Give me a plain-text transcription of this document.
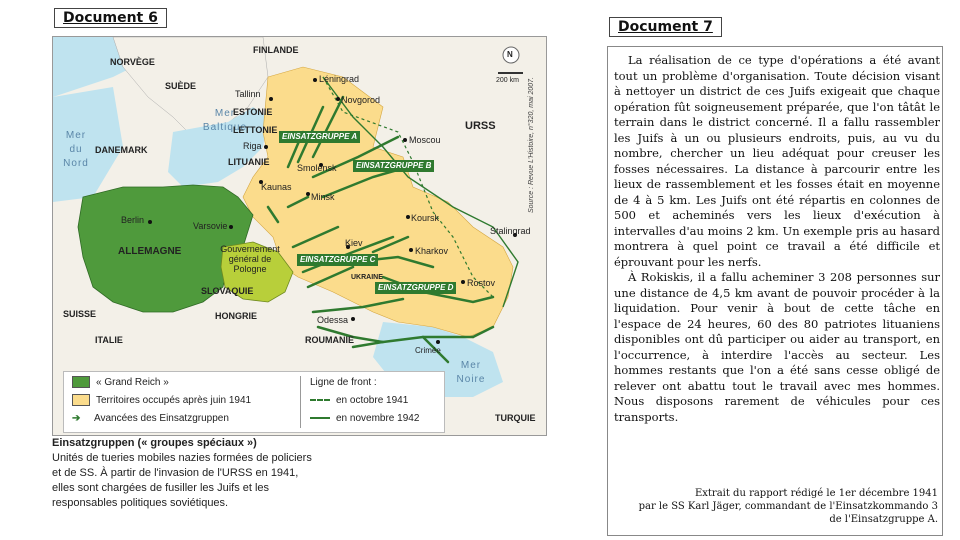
Document 6
Document 7
N
200 km Source : Revue L'Histoire, n°320, mai 2007.
Mer du Nord
Mer Baltique
Mer Noire
FINLANDE
NORVÈGE
SUÈDE
ESTONIE
LETTONIE
LITUANIE
DANEMARK
URSS
ALLEMAGNE	Gouvernement général de Pologne
SLOVAQUIE
HONGRIE
SUISSE
ITALIE	ROUMANIE
UKRAINE
TURQUIE
Léningrad
Tallinn
Novgorod
Riga
Moscou
Smolensk
Kaunas
Minsk
Berlin
Varsovie
Koursk
Stalingrad
Kiev
Kharkov
Rostov
Odessa
Crimée
EINSATZGRUPPE A
EINSATZGRUPPE B
EINSATZGRUPPE C
EINSATZGRUPPE D
« Grand Reich »
Territoires occupés après juin 1941
➔ Avancées des Einsatzgruppen
Ligne de front :
en octobre 1941
en novembre 1942
Einsatzgruppen (« groupes spéciaux »)
Unités de tueries mobiles nazies formées de policiers et de SS. À partir de l'invasion de l'URSS en 1941, elles sont chargées de fusiller les Juifs et les responsables politiques soviétiques.

La réalisation de ce type d'opérations a été avant tout un problème d'organisation. Toute décision visant à nettoyer un district de ces Juifs exigeait que chaque opération fût soigneusement préparée, que l'on tâtât le terrain dans le district concerné. Il a fallu rassembler les Juifs à un ou plusieurs endroits, puis, au vu du nombre, chercher un lieu adéquat pour creuser les fosses nécessaires. La distance à parcourir entre les lieux de rassemblement et les fosses était en moyenne de 4 à 5 km. Les Juifs ont été répartis en colonnes de 500 et acheminés vers les lieux d'exécution à intervalles d'au moins 2 km. Un exemple pris au hasard montrera à quel point ce travail a été difficile et éprouvant pour les nerfs.

À Rokiskis, il a fallu acheminer 3 208 personnes sur une distance de 4,5 km avant de pouvoir procéder à la liquidation. Pour venir à bout de cette tâche en l'espace de 24 heures, 60 des 80 patriotes lituaniens disponibles ont dû participer ou aider au transport, en l'occurrence, à interdire l'accès au secteur. Les hommes restants que l'on a été sans cesse obligé de relever ont abattu tout le travail avec mes hommes. Nous disposons rarement de véhicules pour ces transports.

Extrait du rapport rédigé le 1er décembre 1941
par le SS Karl Jäger, commandant de l'Einsatzkommando 3
de l'Einsatzgruppe A.
